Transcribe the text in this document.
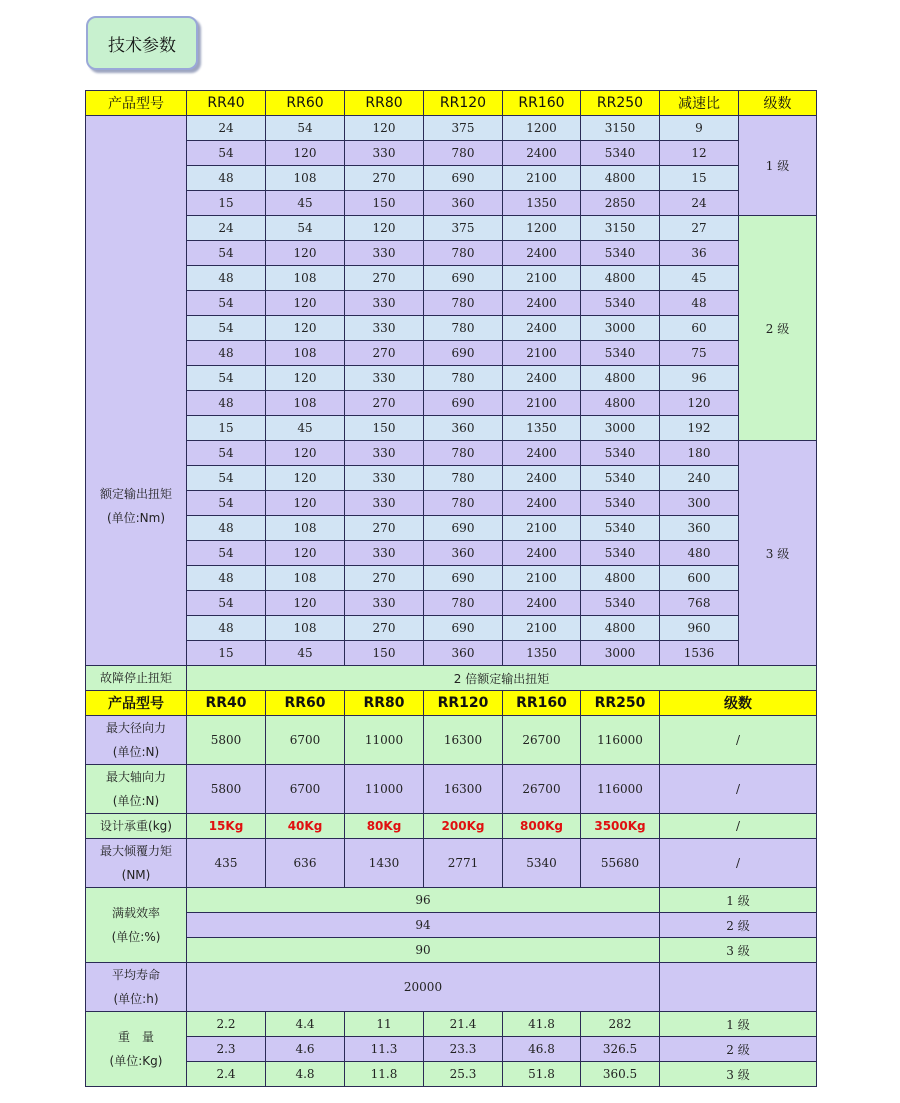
技术参数
产品型号	RR40	RR60	RR80	RR120	RR160	RR250	减速比	级数

额定输出扭矩
(单位:Nm)	24	54	120	375	1200	3150	9	1 级
	54	120	330	780	2400	5340	12	
	48	108	270	690	2100	4800	15	
	15	45	150	360	1350	2850	24	
	24	54	120	375	1200	3150	27	2 级
	54	120	330	780	2400	5340	36	
	48	108	270	690	2100	4800	45	
	54	120	330	780	2400	5340	48	
	54	120	330	780	2400	3000	60	
	48	108	270	690	2100	5340	75	
	54	120	330	780	2400	4800	96	
	48	108	270	690	2100	4800	120	
	15	45	150	360	1350	3000	192	
	54	120	330	780	2400	5340	180	3 级
	54	120	330	780	2400	5340	240	
	54	120	330	780	2400	5340	300	
	48	108	270	690	2100	5340	360	
	54	120	330	360	2400	5340	480	
	48	108	270	690	2100	4800	600	
	54	120	330	780	2400	5340	768	
	48	108	270	690	2100	4800	960	
	15	45	150	360	1350	3000	1536	
故障停止扭矩	2 倍额定输出扭矩							
产品型号	RR40	RR60	RR80	RR120	RR160	RR250	级数	

最大径向力
(单位:N)	5800	6700	11000	16300	26700	116000	/	

最大轴向力
(单位:N)	5800	6700	11000	16300	26700	116000	/	
设计承重(kg)	15Kg	40Kg	80Kg	200Kg	800Kg	3500Kg	/	

最大倾覆力矩
(NM)	435	636	1430	2771	5340	55680	/	

满载效率
(单位:%)	96						1 级	
	94						2 级	
	90						3 级	

平均寿命
(单位:h)	20000							

重　量
(单位:Kg)	2.2	4.4	11	21.4	41.8	282	1 级	
	2.3	4.6	11.3	23.3	46.8	326.5	2 级	
	2.4	4.8	11.8	25.3	51.8	360.5	3 级	
